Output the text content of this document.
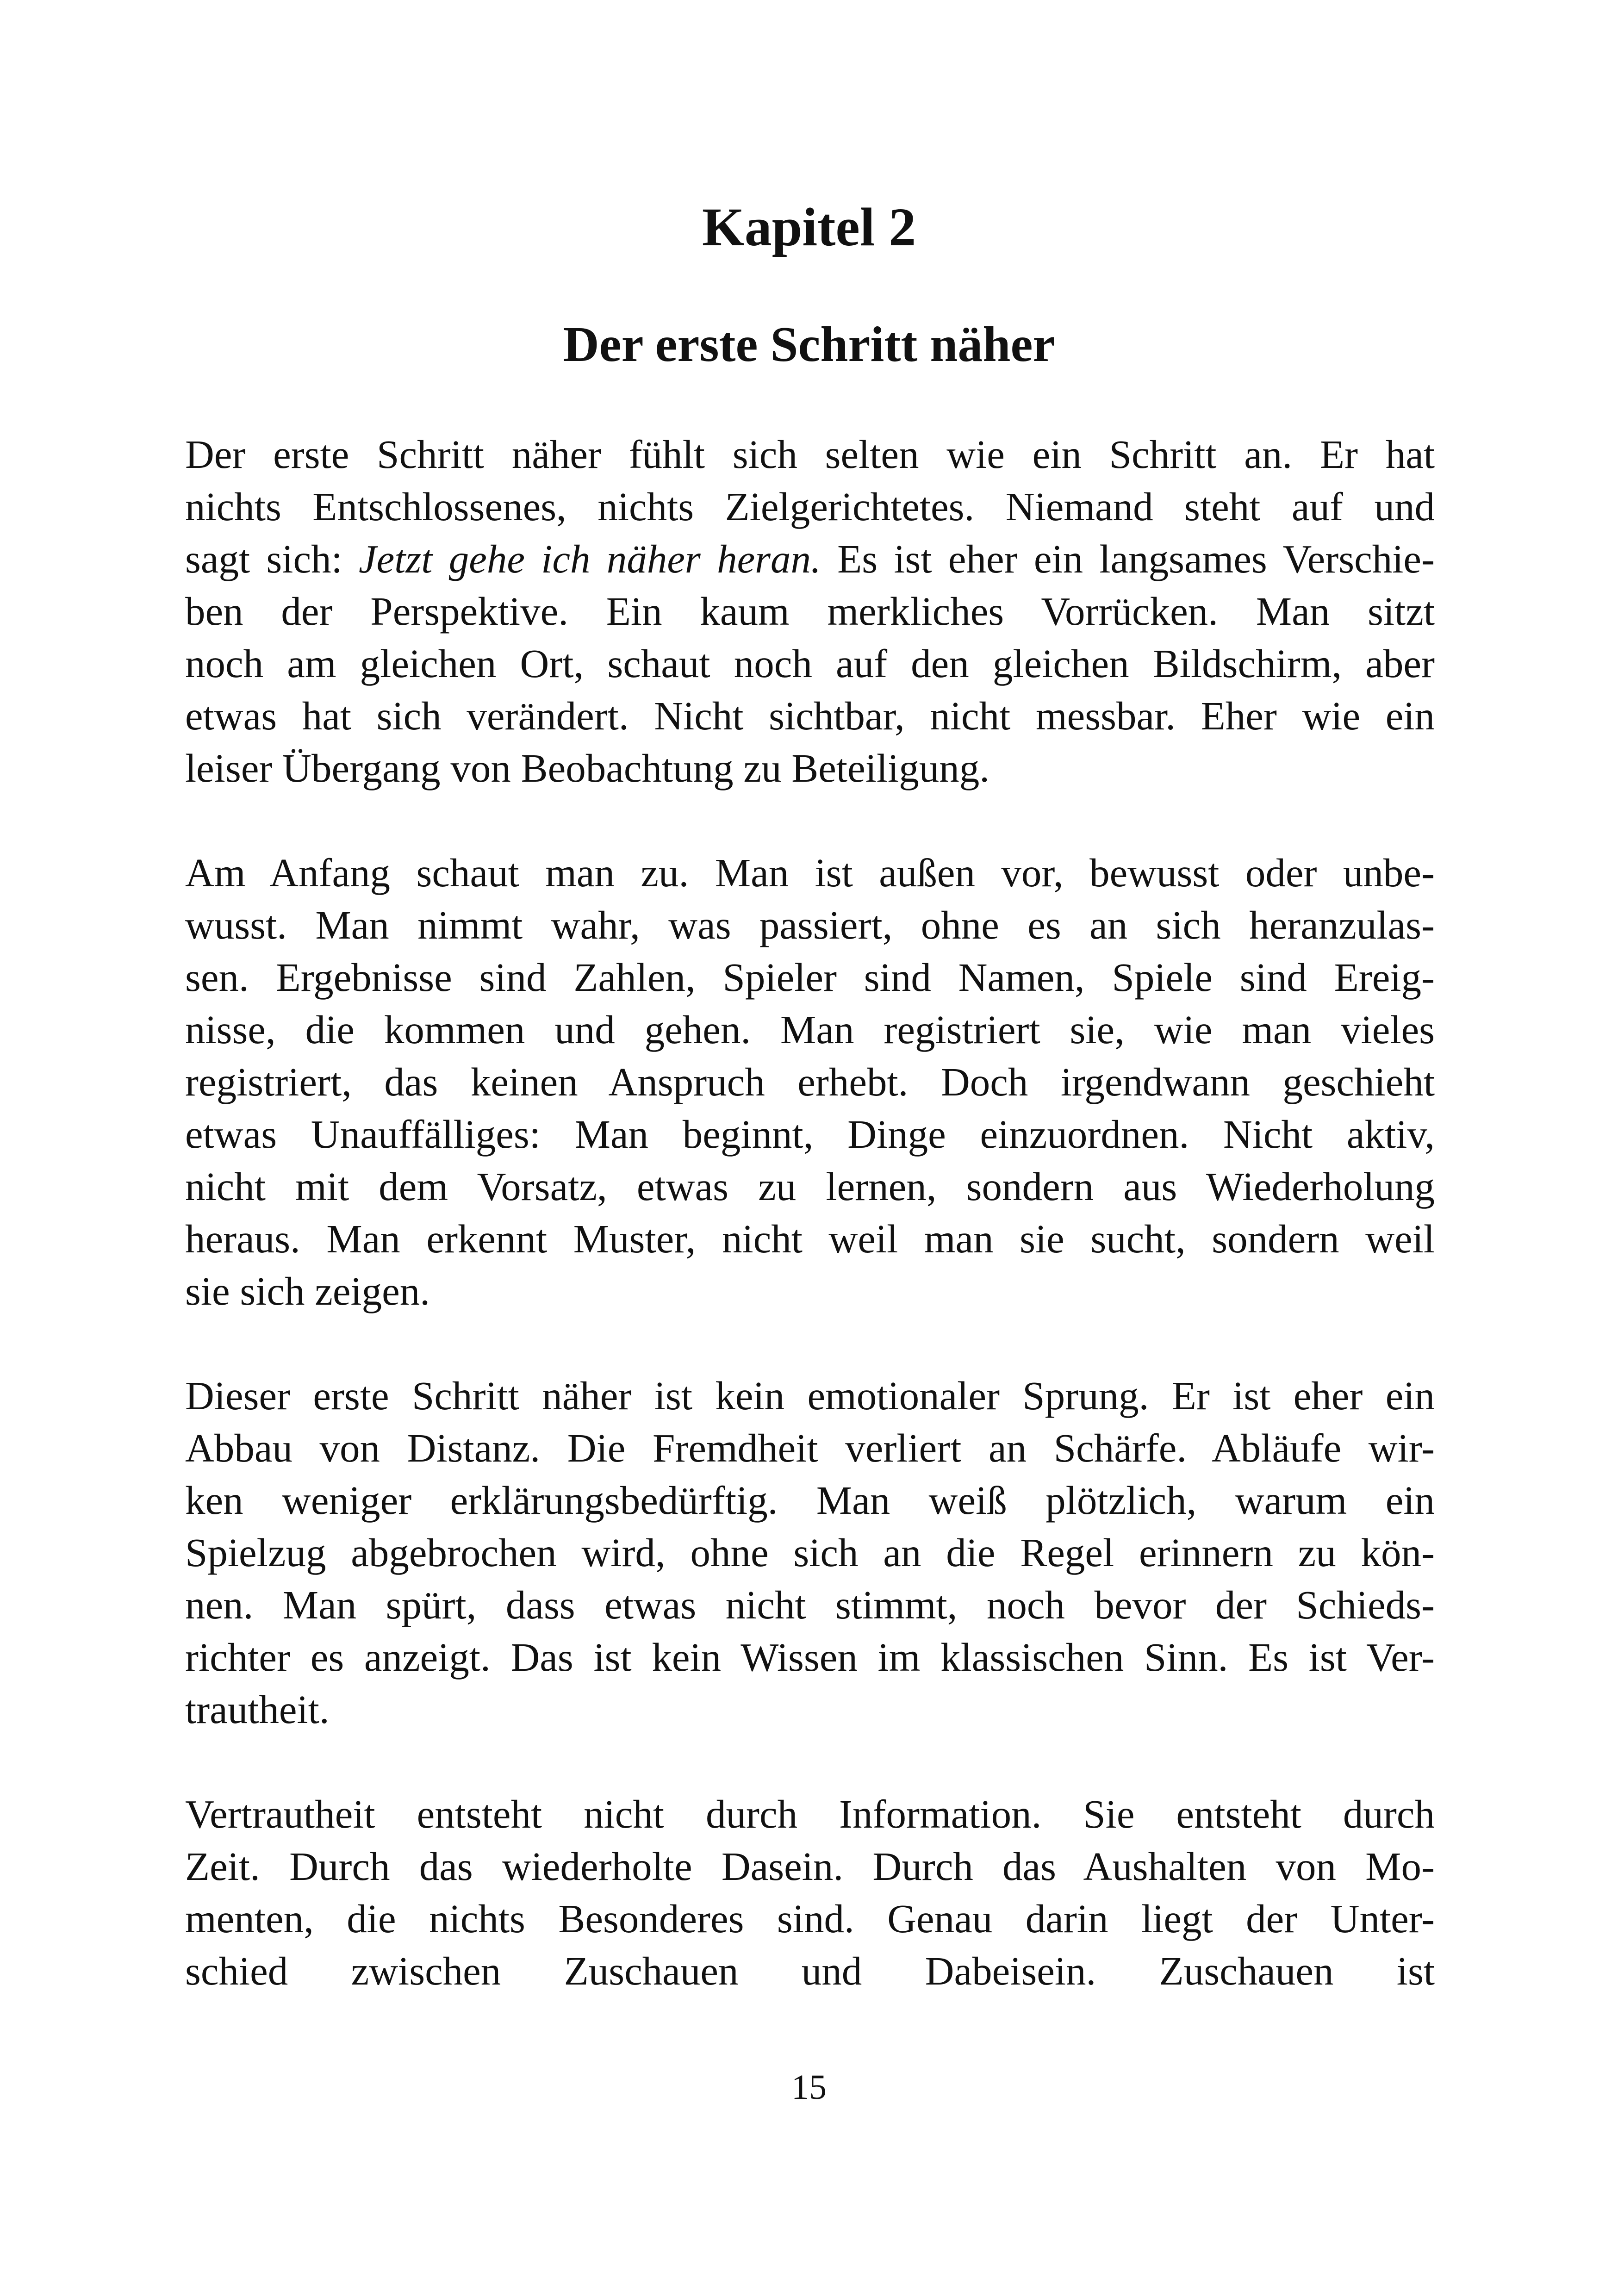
Kapitel 2
Der erste Schritt näher

Der erste Schritt näher fühlt sich selten wie ein Schritt an. Er hat
nichts Entschlossenes, nichts Zielgerichtetes. Niemand steht auf und
sagt sich: Jetzt gehe ich näher heran. Es ist eher ein langsames Verschie-
ben der Perspektive. Ein kaum merkliches Vorrücken. Man sitzt
noch am gleichen Ort, schaut noch auf den gleichen Bildschirm, aber
etwas hat sich verändert. Nicht sichtbar, nicht messbar. Eher wie ein
leiser Übergang von Beobachtung zu Beteiligung.

Am Anfang schaut man zu. Man ist außen vor, bewusst oder unbe-
wusst. Man nimmt wahr, was passiert, ohne es an sich heranzulas-
sen. Ergebnisse sind Zahlen, Spieler sind Namen, Spiele sind Ereig-
nisse, die kommen und gehen. Man registriert sie, wie man vieles
registriert, das keinen Anspruch erhebt. Doch irgendwann geschieht
etwas Unauffälliges: Man beginnt, Dinge einzuordnen. Nicht aktiv,
nicht mit dem Vorsatz, etwas zu lernen, sondern aus Wiederholung
heraus. Man erkennt Muster, nicht weil man sie sucht, sondern weil
sie sich zeigen.

Dieser erste Schritt näher ist kein emotionaler Sprung. Er ist eher ein
Abbau von Distanz. Die Fremdheit verliert an Schärfe. Abläufe wir-
ken weniger erklärungsbedürftig. Man weiß plötzlich, warum ein
Spielzug abgebrochen wird, ohne sich an die Regel erinnern zu kön-
nen. Man spürt, dass etwas nicht stimmt, noch bevor der Schieds-
richter es anzeigt. Das ist kein Wissen im klassischen Sinn. Es ist Ver-
trautheit.

Vertrautheit entsteht nicht durch Information. Sie entsteht durch
Zeit. Durch das wiederholte Dasein. Durch das Aushalten von Mo-
menten, die nichts Besonderes sind. Genau darin liegt der Unter-
schied zwischen Zuschauen und Dabeisein. Zuschauen ist

15
